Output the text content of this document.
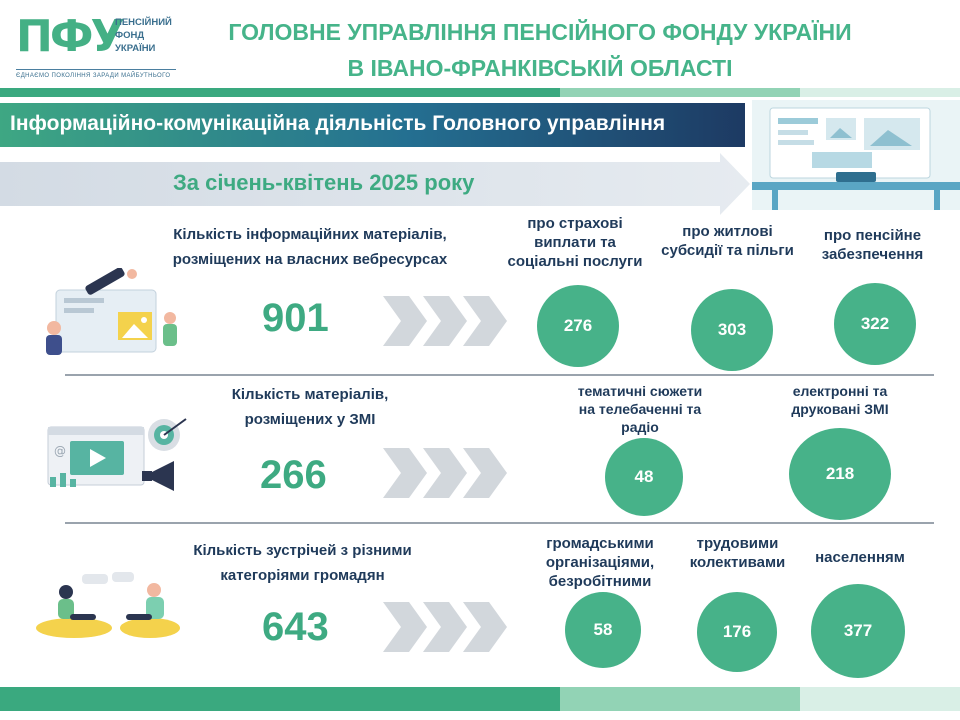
ПФУ
ПЕНСІЙНИЙ
ФОНД
УКРАЇНИ
ЄДНАЄМО ПОКОЛІННЯ ЗАРАДИ МАЙБУТНЬОГО
ГОЛОВНЕ УПРАВЛІННЯ ПЕНСІЙНОГО ФОНДУ УКРАЇНИ
В ІВАНО-ФРАНКІВСЬКІЙ ОБЛАСТІ
Інформаційно-комунікаційна діяльність Головного управління
За січень-квітень 2025 року
Кількість інформаційних матеріалів,
розміщених на власних вебресурсах
901
про страхові
виплати та
соціальні послуги
276
про житлові
субсидії та пільги
303
про пенсійне
забезпечення
322
@
Кількість матеріалів,
розміщених у ЗМІ
266
тематичні сюжети
на телебаченні та
радіо
48
електронні та
друковані ЗМІ
218
Кількість зустрічей з різними
категоріями громадян
643
громадськими
організаціями,
безробітними
58
трудовими
колективами
176
населенням
377
